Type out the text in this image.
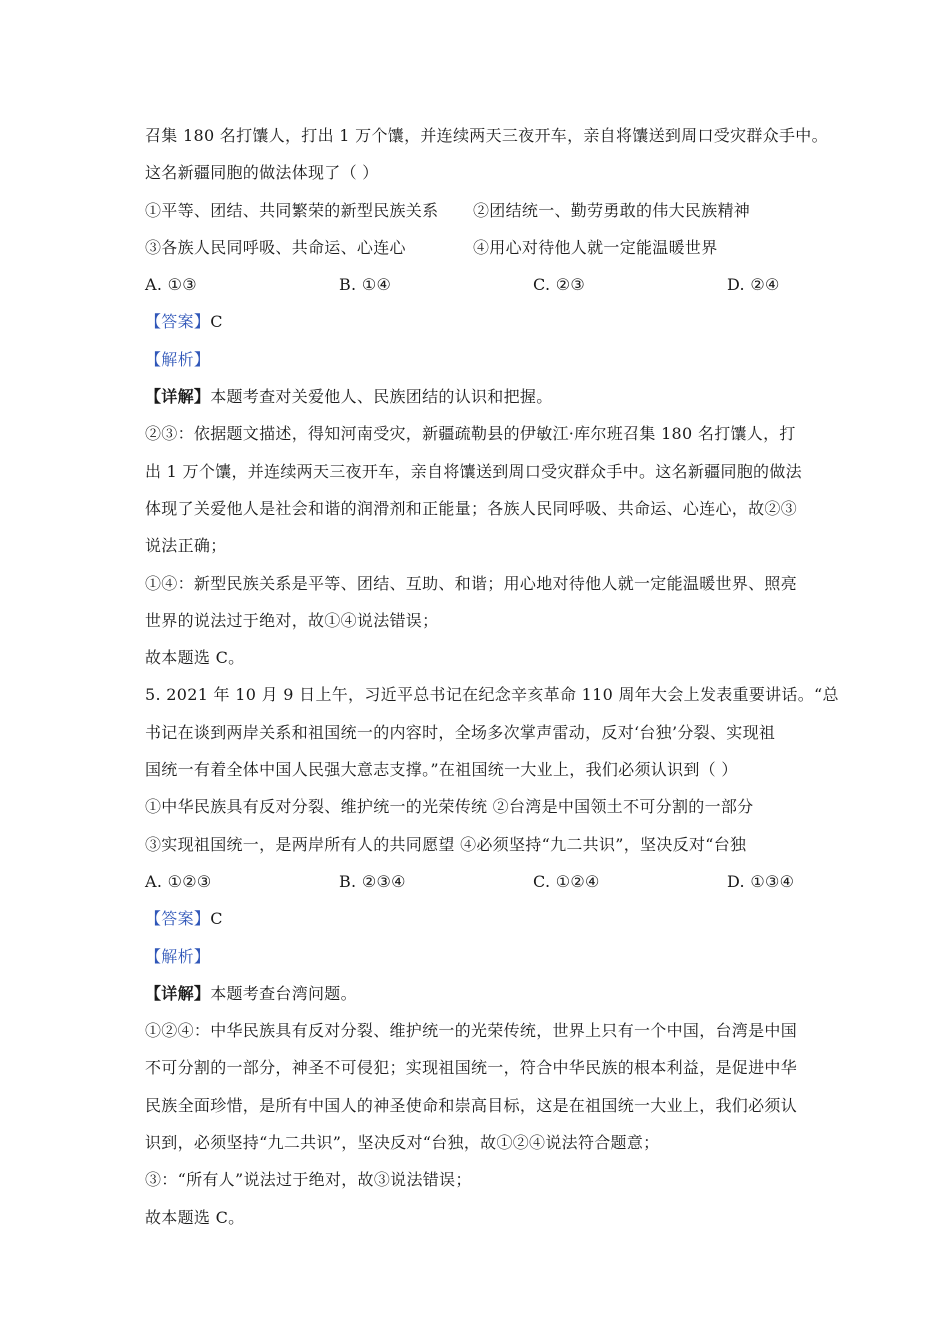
召集 180 名打馕人，打出 1 万个馕，并连续两天三夜开车，亲自将馕送到周口受灾群众手中。
这名新疆同胞的做法体现了（ ）
①平等、团结、共同繁荣的新型民族关系 ②团结统一、勤劳勇敢的伟大民族精神
③各族人民同呼吸、共命运、心连心	④用心对待他人就一定能温暖世界
A. ①③	B. ①④	C. ②③	D. ②④
【答案】C
【解析】
【详解】本题考查对关爱他人、民族团结的认识和把握。
②③：依据题文描述，得知河南受灾，新疆疏勒县的伊敏江·库尔班召集 180 名打馕人，打
出 1 万个馕，并连续两天三夜开车，亲自将馕送到周口受灾群众手中。这名新疆同胞的做法
体现了关爱他人是社会和谐的润滑剂和正能量；各族人民同呼吸、共命运、心连心，故②③
说法正确；
①④：新型民族关系是平等、团结、互助、和谐；用心地对待他人就一定能温暖世界、照亮
世界的说法过于绝对，故①④说法错误；
故本题选 C。
5. 2021 年 10 月 9 日上午，习近平总书记在纪念辛亥革命 110 周年大会上发表重要讲话。“总
书记在谈到两岸关系和祖国统一的内容时，全场多次掌声雷动，反对‘台独’分裂、实现祖
国统一有着全体中国人民强大意志支撑。”在祖国统一大业上，我们必须认识到（ ）
①中华民族具有反对分裂、维护统一的光荣传统 ②台湾是中国领土不可分割的一部分
③实现祖国统一，是两岸所有人的共同愿望 ④必须坚持“九二共识”，坚决反对“台独
A. ①②③	B. ②③④	C. ①②④	D. ①③④
【答案】C
【解析】
【详解】本题考查台湾问题。
①②④：中华民族具有反对分裂、维护统一的光荣传统，世界上只有一个中国，台湾是中国
不可分割的一部分，神圣不可侵犯；实现祖国统一，符合中华民族的根本利益，是促进中华
民族全面珍惜，是所有中国人的神圣使命和崇高目标，这是在祖国统一大业上，我们必须认
识到，必须坚持“九二共识”，坚决反对“台独，故①②④说法符合题意；
③：“所有人”说法过于绝对，故③说法错误；
故本题选 C。
